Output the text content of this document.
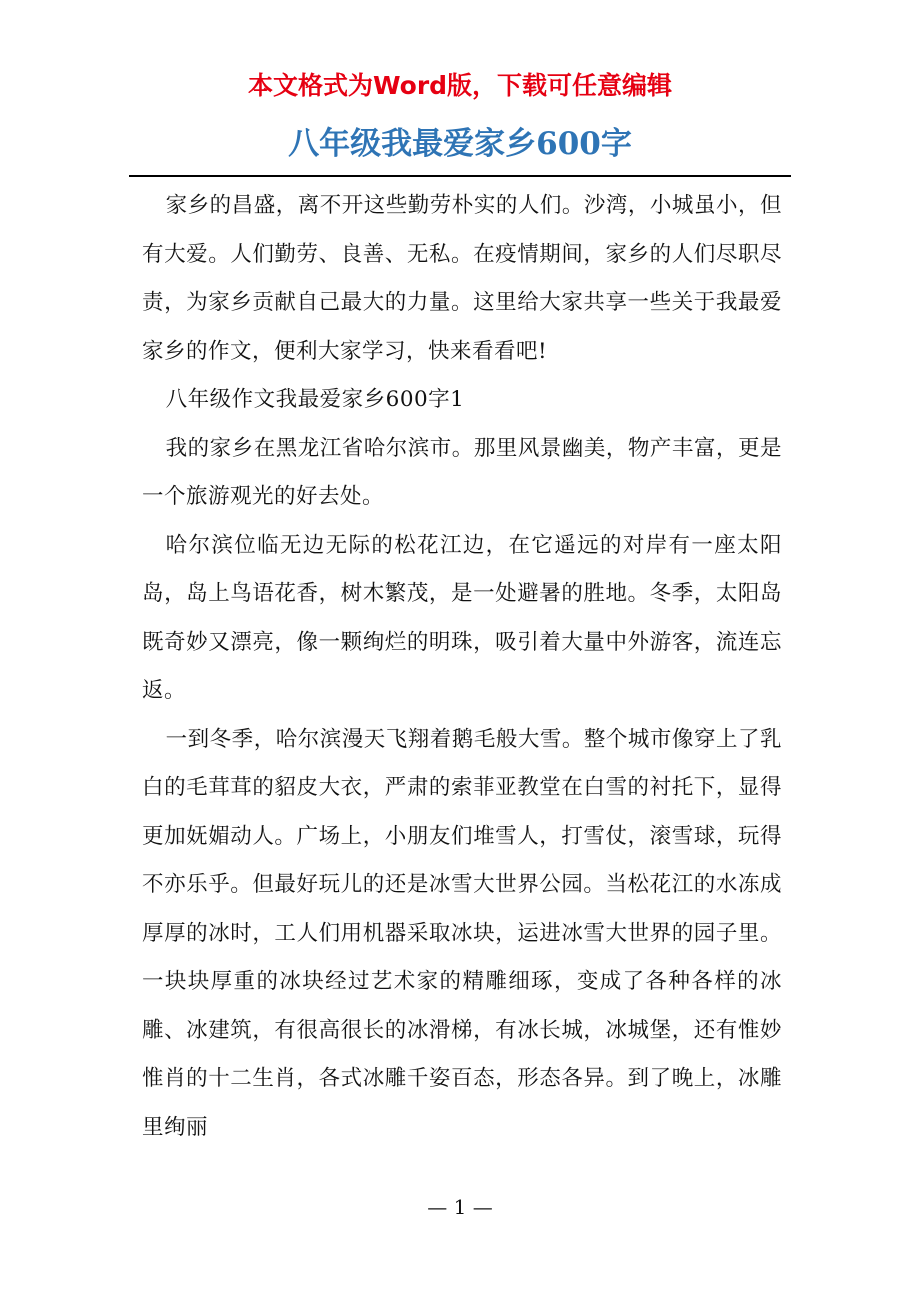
本文格式为Word版，下载可任意编辑
八年级我最爱家乡600字

家乡的昌盛，离不开这些勤劳朴实的人们。沙湾，小城虽小，但有大爱。人们勤劳、良善、无私。在疫情期间，家乡的人们尽职尽责，为家乡贡献自己最大的力量。这里给大家共享一些关于我最爱家乡的作文，便利大家学习，快来看看吧!

八年级作文我最爱家乡600字1

我的家乡在黑龙江省哈尔滨市。那里风景幽美，物产丰富，更是一个旅游观光的好去处。

哈尔滨位临无边无际的松花江边，在它遥远的对岸有一座太阳岛，岛上鸟语花香，树木繁茂，是一处避暑的胜地。冬季，太阳岛既奇妙又漂亮，像一颗绚烂的明珠，吸引着大量中外游客，流连忘返。

一到冬季，哈尔滨漫天飞翔着鹅毛般大雪。整个城市像穿上了乳白的毛茸茸的貂皮大衣，严肃的索菲亚教堂在白雪的衬托下，显得更加妩媚动人。广场上，小朋友们堆雪人，打雪仗，滚雪球，玩得不亦乐乎。但最好玩儿的还是冰雪大世界公园。当松花江的水冻成厚厚的冰时，工人们用机器采取冰块，运进冰雪大世界的园子里。一块块厚重的冰块经过艺术家的精雕细琢，变成了各种各样的冰雕、冰建筑，有很高很长的冰滑梯，有冰长城，冰城堡，还有惟妙惟肖的十二生肖，各式冰雕千姿百态，形态各异。到了晚上，冰雕里绚丽

— 1 —
